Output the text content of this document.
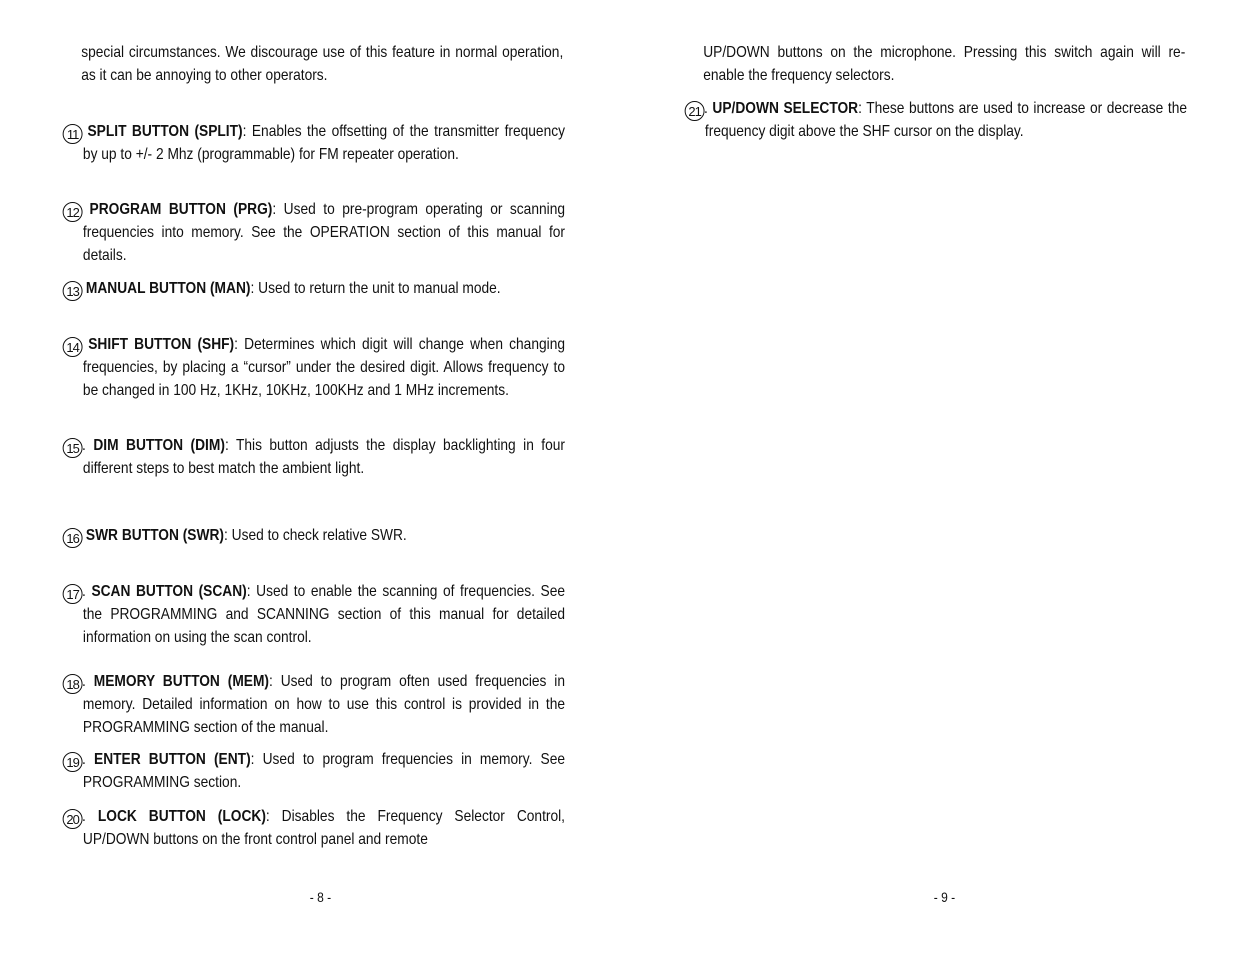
special circumstances. We discourage use of this feature in normal operation, as it can be annoying to other operators.

11 SPLIT BUTTON (SPLIT): Enables the offsetting of the transmitter frequency by up to +/- 2 Mhz (programmable) for FM repeater operation.

12 PROGRAM BUTTON (PRG): Used to pre-program operating or scanning frequencies into memory. See the OPERATION section of this manual for details.

13 MANUAL BUTTON (MAN): Used to return the unit to manual mode.

14 SHIFT BUTTON (SHF): Determines which digit will change when changing frequencies, by placing a “cursor” under the desired digit. Allows frequency to be changed in 100 Hz, 1KHz, 10KHz, 100KHz and 1 MHz increments.

15 . DIM BUTTON (DIM): This button adjusts the display backlighting in four different steps to best match the ambient light.

16 SWR BUTTON (SWR): Used to check relative SWR.

17 . SCAN BUTTON (SCAN): Used to enable the scanning of frequencies. See the PROGRAMMING and SCANNING section of this manual for detailed information on using the scan control.

18 . MEMORY BUTTON (MEM): Used to program often used frequencies in memory. Detailed information on how to use this control is provided in the PROGRAMMING section of the manual.

19 . ENTER BUTTON (ENT): Used to program frequencies in memory. See PROGRAMMING section.

20 . LOCK BUTTON (LOCK): Disables the Frequency Selector Control, UP/DOWN buttons on the front control panel and remote

- 8 -

UP/DOWN buttons on the microphone. Pressing this switch again will re-enable the frequency selectors.

21 . UP/DOWN SELECTOR: These buttons are used to increase or decrease the frequency digit above the SHF cursor on the display.

- 9 -
